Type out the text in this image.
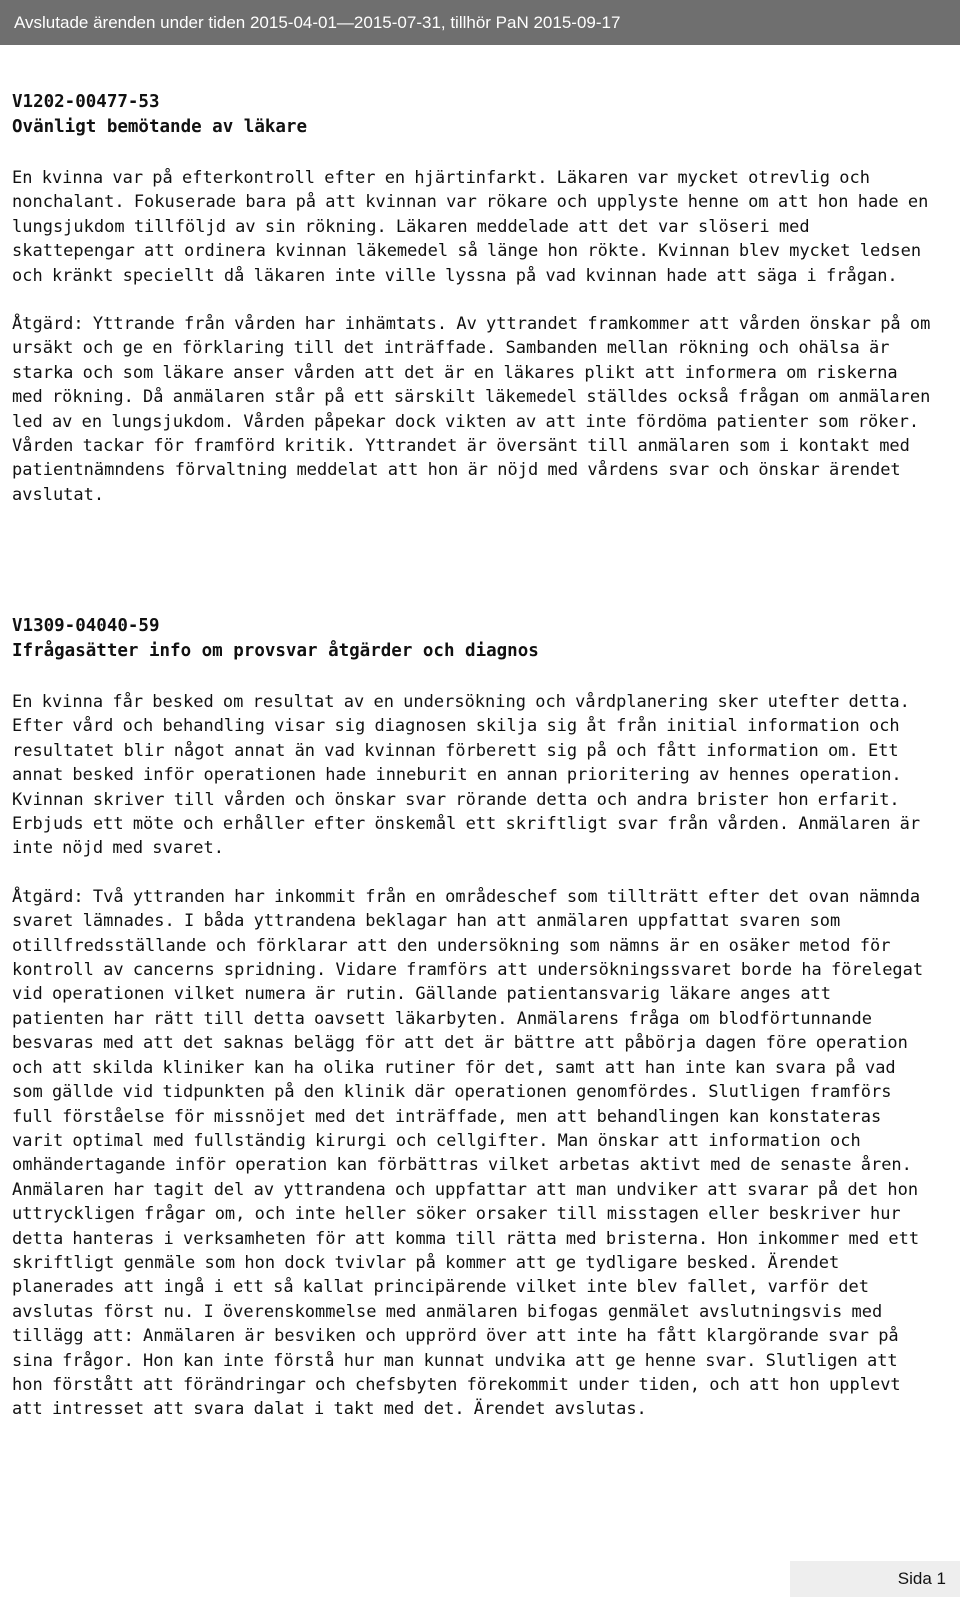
Avslutade ärenden under tiden 2015-04-01—2015-07-31, tillhör PaN 2015-09-17
V1202-00477-53
Ovänligt bemötande av läkare
En kvinna var på efterkontroll efter en hjärtinfarkt. Läkaren var mycket otrevlig och nonchalant. Fokuserade bara på att kvinnan var rökare och upplyste henne om att hon hade en lungsjukdom tillföljd av sin rökning. Läkaren meddelade att det var slöseri med skattepengar att ordinera kvinnan läkemedel så länge hon rökte. Kvinnan blev mycket ledsen och kränkt speciellt då läkaren inte ville lyssna på vad kvinnan hade att säga i frågan.
Åtgärd: Yttrande från vården har inhämtats. Av yttrandet framkommer att vården önskar på om ursäkt och ge en förklaring till det inträffade. Sambanden mellan rökning och ohälsa är starka och som läkare anser vården att det är en läkares plikt att informera om riskerna med rökning. Då anmälaren står på ett särskilt läkemedel ställdes också frågan om anmälaren led av en lungsjukdom. Vården påpekar dock vikten av att inte fördöma patienter som röker. Vården tackar för framförd kritik. Yttrandet är översänt till anmälaren som i kontakt med patientnämndens förvaltning meddelat att hon är nöjd med vårdens svar och önskar ärendet avslutat.
V1309-04040-59
Ifrågasätter info om provsvar åtgärder och diagnos
En kvinna får besked om resultat av en undersökning och vårdplanering sker utefter detta. Efter vård och behandling visar sig diagnosen skilja sig åt från initial information och resultatet blir något annat än vad kvinnan förberett sig på och fått information om. Ett annat besked inför operationen hade inneburit en annan prioritering av hennes operation. Kvinnan skriver till vården och önskar svar rörande detta och andra brister hon erfarit. Erbjuds ett möte och erhåller efter önskemål ett skriftligt svar från vården. Anmälaren är inte nöjd med svaret.
Åtgärd: Två yttranden har inkommit från en områdeschef som tillträtt efter det ovan nämnda svaret lämnades. I båda yttrandena beklagar han att anmälaren uppfattat svaren som otillfredsställande och förklarar att den undersökning som nämns är en osäker metod för kontroll av cancerns spridning. Vidare framförs att undersökningssvaret borde ha förelegat vid operationen vilket numera är rutin. Gällande patientansvarig läkare anges att patienten har rätt till detta oavsett läkarbyten. Anmälarens fråga om blodförtunnande besvaras med att det saknas belägg för att det är bättre att påbörja dagen före operation och att skilda kliniker kan ha olika rutiner för det, samt att han inte kan svara på vad som gällde vid tidpunkten på den klinik där operationen genomfördes. Slutligen framförs full förståelse för missnöjet med det inträffade, men att behandlingen kan konstateras varit optimal med fullständig kirurgi och cellgifter. Man önskar att information och omhändertagande inför operation kan förbättras vilket arbetas aktivt med de senaste åren. Anmälaren har tagit del av yttrandena och uppfattar att man undviker att svarar på det hon uttryckligen frågar om, och inte heller söker orsaker till misstagen eller beskriver hur detta hanteras i verksamheten för att komma till rätta med bristerna. Hon inkommer med ett skriftligt genmäle som hon dock tvivlar på kommer att ge tydligare besked. Ärendet planerades att ingå i ett så kallat principärende vilket inte blev fallet, varför det avslutas först nu. I överenskommelse med anmälaren bifogas genmälet avslutningsvis med tillägg att: Anmälaren är besviken och upprörd över att inte ha fått klargörande svar på sina frågor. Hon kan inte förstå hur man kunnat undvika att ge henne svar. Slutligen att hon förstått att förändringar och chefsbyten förekommit under tiden, och att hon upplevt att intresset att svara dalat i takt med det. Ärendet avslutas.
Sida 1
